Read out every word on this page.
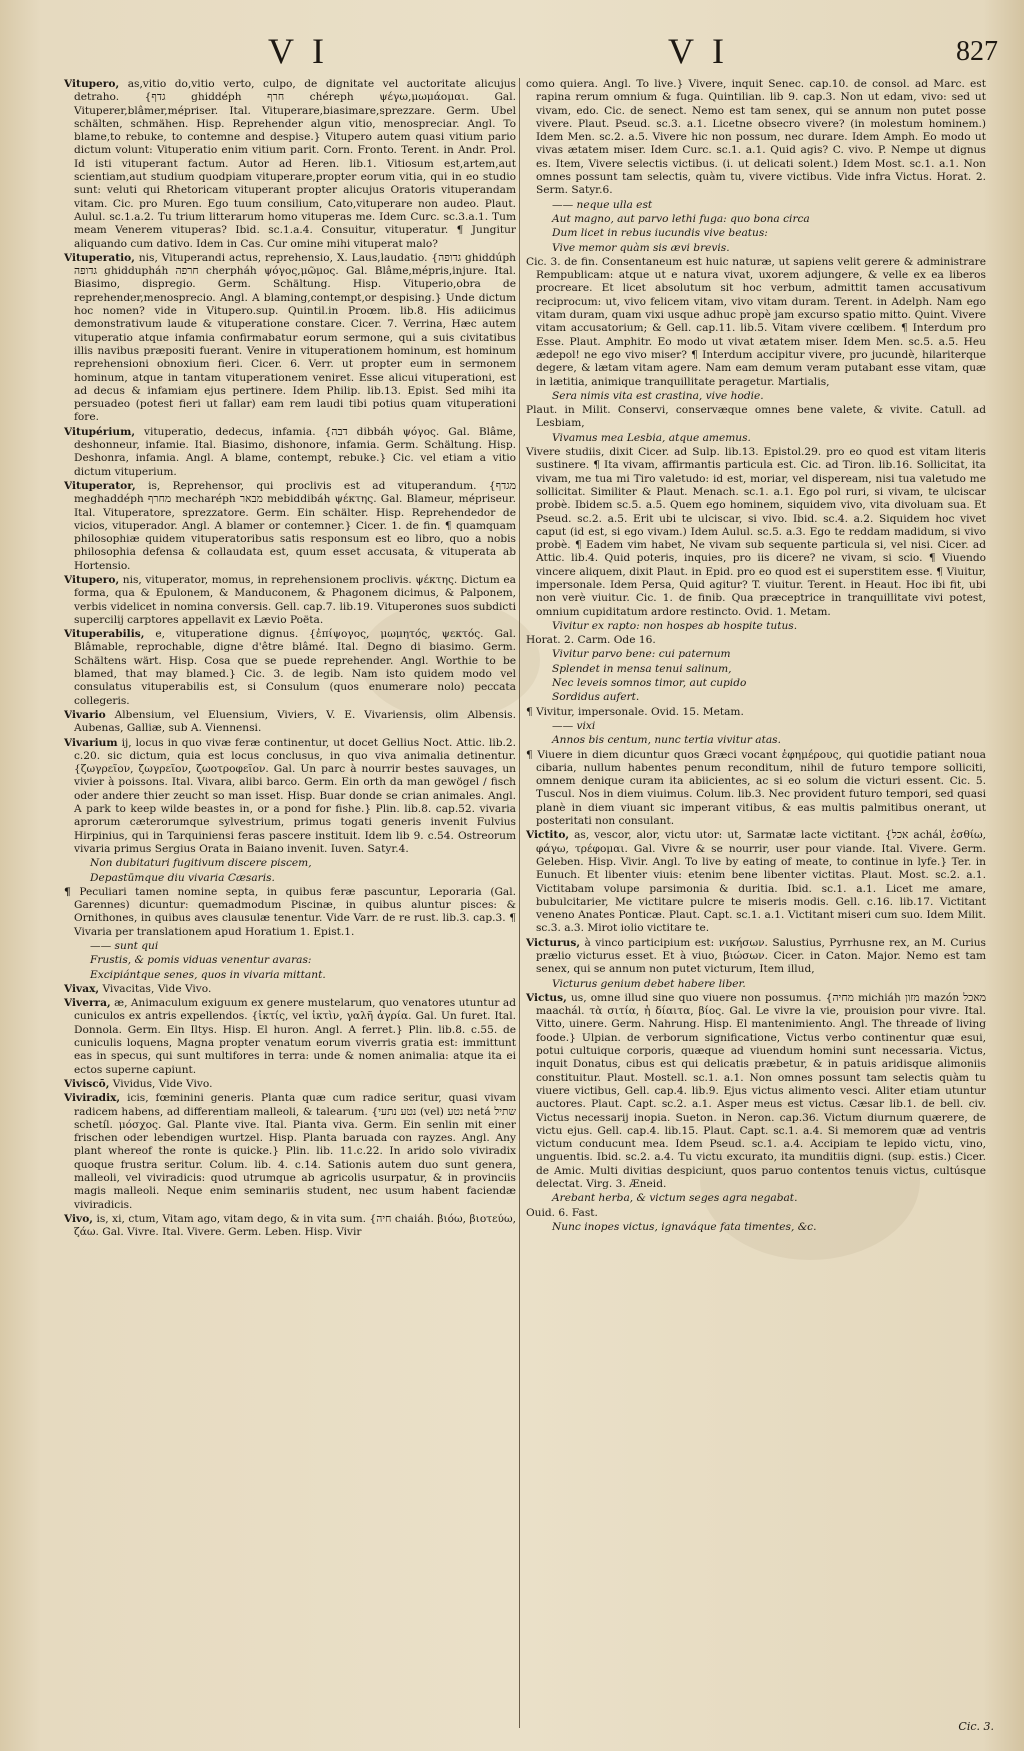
VI	VI	827
Vitupero, as,vitio do,vitio verto, culpo, de dignitate vel auctoritate alicujus detraho. {גדף ghiddéph חרף chéreph ψέγω,μωμάομαι. Gal. Vituperer,blâmer,mépriser. Ital. Vituperare,biasimare,sprezzare. Germ. Ubel schälten, schmähen. Hisp. Reprehender algun vitio, menospreciar. Angl. To blame,to rebuke, to contemne and despise.} Vitupero autem quasi vitium pario dictum volunt: Vituperatio enim vitium parit. Corn. Fronto. Terent. in Andr. Prol. Id isti vituperant factum. Autor ad Heren. lib.1. Vitiosum est,artem,aut scientiam,aut studium quodpiam vituperare,propter eorum vitia, qui in eo studio sunt: veluti qui Rhetoricam vituperant propter alicujus Oratoris vituperandam vitam. Cic. pro Muren. Ego tuum consilium, Cato,vituperare non audeo. Plaut. Aulul. sc.1.a.2. Tu trium litterarum homo vituperas me. Idem Curc. sc.3.a.1. Tum meam Venerem vituperas? Ibid. sc.1.a.4. Consuitur, vituperatur. ¶ Jungitur aliquando cum dativo. Idem in Cas. Cur omine mihi vituperat malo?
Vituperatio, nis, Vituperandi actus, reprehensio, X. Laus,laudatio. {גדופה ghiddúph גדופה ghiddupháh חרפה cherpháh ψόγος,μῶμος. Gal. Blâme,mépris,injure. Ital. Biasimo, dispregio. Germ. Schältung. Hisp. Vituperio,obra de reprehender,menosprecio. Angl. A blaming,contempt,or despising.} Unde dictum hoc nomen? vide in Vitupero.sup. Quintil.in Proœm. lib.8. His adiicimus demonstrativum laude & vituperatione constare. Cicer. 7. Verrina, Hæc autem vituperatio atque infamia confirmabatur eorum sermone, qui a suis civitatibus illis navibus præpositi fuerant. Venire in vituperationem hominum, est hominum reprehensioni obnoxium fieri. Cicer. 6. Verr. ut propter eum in sermonem hominum, atque in tantam vituperationem veniret. Esse alicui vituperationi, est ad decus & infamiam ejus pertinere. Idem Philip. lib.13. Epist. Sed mihi ita persuadeo (potest fieri ut fallar) eam rem laudi tibi potius quam vituperationi fore.
Vitupérium, vituperatio, dedecus, infamia. {דבה dibbáh ψόγος. Gal. Blâme, deshonneur, infamie. Ital. Biasimo, dishonore, infamia. Germ. Schältung. Hisp. Deshonra, infamia. Angl. A blame, contempt, rebuke.} Cic. vel etiam a vitio dictum vituperium.
Vituperator, is, Reprehensor, qui proclivis est ad vituperandum. {מגדף meghaddéph מחרף mecharéph מבאר mebiddibáh ψέκτης. Gal. Blameur, mépriseur. Ital. Vituperatore, sprezzatore. Germ. Ein schälter. Hisp. Reprehendedor de vicios, vituperador. Angl. A blamer or contemner.} Cicer. 1. de fin. ¶ quamquam philosophiæ quidem vituperatoribus satis responsum est eo libro, quo a nobis philosophia defensa & collaudata est, quum esset accusata, & vituperata ab Hortensio.
Vitupero, nis, vituperator, momus, in reprehensionem proclivis. ψέκτης. Dictum ea forma, qua & Epulonem, & Manduconem, & Phagonem dicimus, & Palponem, verbis videlicet in nomina conversis. Gell. cap.7. lib.19. Vituperones suos subdicti supercilij carptores appellavit ex Lævio Poëta.
Vituperabilis, e, vituperatione dignus. {ἐπίψογος, μωμητός, ψεκτός. Gal. Blâmable, reprochable, digne d'être blâmé. Ital. Degno di biasimo. Germ. Schältens wärt. Hisp. Cosa que se puede reprehender. Angl. Worthie to be blamed, that may blamed.} Cic. 3. de legib. Nam isto quidem modo vel consulatus vituperabilis est, si Consulum (quos enumerare nolo) peccata collegeris.
Vivario Albensium, vel Eluensium, Viviers, V. E. Vivariensis, olim Albensis. Aubenas, Galliæ, sub A. Viennensi.
Vivarium ij, locus in quo vivæ feræ continentur, ut docet Gellius Noct. Attic. lib.2. c.20. sic dictum, quia est locus conclusus, in quo viva animalia detinentur. {ζωγρεῖον, ζωγρεῖον, ζωοτροφεῖον. Gal. Un parc à nourrir bestes sauvages, un vivier à poissons. Ital. Vivara, alibi barco. Germ. Ein orth da man gewögel / fisch oder andere thier zeucht so man isset. Hisp. Buar donde se crian animales. Angl. A park to keep wilde beastes in, or a pond for fishe.} Plin. lib.8. cap.52. vivaria aprorum cæterorumque sylvestrium, primus togati generis invenit Fulvius Hirpinius, qui in Tarquiniensi feras pascere instituit. Idem lib 9. c.54. Ostreorum vivaria primus Sergius Orata in Baiano invenit. Iuven. Satyr.4.
Non dubitaturi fugitivum discere piscem,
Depastūmque diu vivaria Cæsaris.
¶ Peculiari tamen nomine septa, in quibus feræ pascuntur, Leporaria (Gal. Garennes) dicuntur: quemadmodum Piscinæ, in quibus aluntur pisces: & Ornithones, in quibus aves clausulæ tenentur. Vide Varr. de re rust. lib.3. cap.3. ¶ Vivaria per translationem apud Horatium 1. Epist.1.
—— sunt qui
Frustis, & pomis viduas venentur avaras:
Excipiántque senes, quos in vivaria mittant.
Vivax, Vivacitas, Vide Vivo.
Viverra, æ, Animaculum exiguum ex genere mustelarum, quo venatores utuntur ad cuniculos ex antris expellendos. {ἰκτίς, vel ἰκτὶν, γαλῆ ἀγρία. Gal. Un furet. Ital. Donnola. Germ. Ein Iltys. Hisp. El huron. Angl. A ferret.} Plin. lib.8. c.55. de cuniculis loquens, Magna propter venatum eorum viverris gratia est: immittunt eas in specus, qui sunt multifores in terra: unde & nomen animalia: atque ita ei ectos superne capiunt.
Viviscō, Vividus, Vide Vivo.
Viviradix, icis, fœminini generis. Planta quæ cum radice seritur, quasi vivam radicem habens, ad differentiam malleoli, & talearum. {נטע נתעי (vel) נטע netá שתיל schetíl. μόσχος. Gal. Plante vive. Ital. Pianta viva. Germ. Ein senlin mit einer frischen oder lebendigen wurtzel. Hisp. Planta baruada con rayzes. Angl. Any plant whereof the ronte is quicke.} Plin. lib. 11.c.22. In arido solo viviradix quoque frustra seritur. Colum. lib. 4. c.14. Sationis autem duo sunt genera, malleoli, vel viviradicis: quod utrumque ab agricolis usurpatur, & in provinciis magis malleoli. Neque enim seminariis student, nec usum habent faciendæ viviradicis.
Vivo, is, xi, ctum, Vitam ago, vitam dego, & in vita sum. {חיה chaiáh. βιόω, βιοτεύω, ζάω. Gal. Vivre. Ital. Vivere. Germ. Leben. Hisp. Vivir
como quiera. Angl. To live.} Vivere, inquit Senec. cap.10. de consol. ad Marc. est rapina rerum omnium & fuga. Quintilian. lib 9. cap.3. Non ut edam, vivo: sed ut vivam, edo. Cic. de senect. Nemo est tam senex, qui se annum non putet posse vivere. Plaut. Pseud. sc.3. a.1. Licetne obsecro vivere? (in molestum hominem.) Idem Men. sc.2. a.5. Vivere hic non possum, nec durare. Idem Amph. Eo modo ut vivas ætatem miser. Idem Curc. sc.1. a.1. Quid agis? C. vivo. P. Nempe ut dignus es. Item, Vivere selectis victibus. (i. ut delicati solent.) Idem Most. sc.1. a.1. Non omnes possunt tam selectis, quàm tu, vivere victibus. Vide infra Victus. Horat. 2. Serm. Satyr.6.
—— neque ulla est
Aut magno, aut parvo lethi fuga: quo bona circa
Dum licet in rebus iucundis vive beatus:
Vive memor quàm sis ævi brevis.
Cic. 3. de fin. Consentaneum est huic naturæ, ut sapiens velit gerere & administrare Rempublicam: atque ut e natura vivat, uxorem adjungere, & velle ex ea liberos procreare. Et licet absolutum sit hoc verbum, admittit tamen accusativum reciprocum: ut, vivo felicem vitam, vivo vitam duram. Terent. in Adelph. Nam ego vitam duram, quam vixi usque adhuc propè jam excurso spatio mitto. Quint. Vivere vitam accusatorium; & Gell. cap.11. lib.5. Vitam vivere cœlibem. ¶ Interdum pro Esse. Plaut. Amphitr. Eo modo ut vivat ætatem miser. Idem Men. sc.5. a.5. Heu ædepol! ne ego vivo miser? ¶ Interdum accipitur vivere, pro jucundè, hilariterque degere, & lætam vitam agere. Nam eam demum veram putabant esse vitam, quæ in lætitia, animique tranquillitate peragetur. Martialis,
Sera nimis vita est crastina, vive hodie.
Plaut. in Milit. Conservi, conservæque omnes bene valete, & vivite. Catull. ad Lesbiam,
Vivamus mea Lesbia, atque amemus.
Vivere studiis, dixit Cicer. ad Sulp. lib.13. Epistol.29. pro eo quod est vitam literis sustinere. ¶ Ita vivam, affirmantis particula est. Cic. ad Tiron. lib.16. Sollicitat, ita vivam, me tua mi Tiro valetudo: id est, moriar, vel dispeream, nisi tua valetudo me sollicitat. Similiter & Plaut. Menach. sc.1. a.1. Ego pol ruri, si vivam, te ulciscar probè. Ibidem sc.5. a.5. Quem ego hominem, siquidem vivo, vita divoluam sua. Et Pseud. sc.2. a.5. Erit ubi te ulciscar, si vivo. Ibid. sc.4. a.2. Siquidem hoc vivet caput (id est, si ego vivam.) Idem Aulul. sc.5. a.3. Ego te reddam madidum, si vivo probè. ¶ Eadem vim habet, Ne vivam sub sequente particula si, vel nisi. Cicer. ad Attic. lib.4. Quid poteris, inquies, pro iis dicere? ne vivam, si scio. ¶ Viuendo vincere aliquem, dixit Plaut. in Epid. pro eo quod est ei superstitem esse. ¶ Viuitur, impersonale. Idem Persa, Quid agitur? T. viuitur. Terent. in Heaut. Hoc ibi fit, ubi non verè viuitur. Cic. 1. de finib. Qua præceptrice in tranquillitate vivi potest, omnium cupiditatum ardore restincto. Ovid. 1. Metam.
Vivitur ex rapto: non hospes ab hospite tutus.
Horat. 2. Carm. Ode 16.
Vivitur parvo bene: cui paternum
Splendet in mensa tenui salinum,
Nec leveis somnos timor, aut cupido
Sordidus aufert.
¶ Vivitur, impersonale. Ovid. 15. Metam.
—— vixi
Annos bis centum, nunc tertia vivitur atas.
¶ Viuere in diem dicuntur quos Græci vocant ἐφημέρους, qui quotidie patiant noua cibaria, nullum habentes penum reconditum, nihil de futuro tempore solliciti, omnem denique curam ita abiicientes, ac si eo solum die victuri essent. Cic. 5. Tuscul. Nos in diem viuimus. Colum. lib.3. Nec provident futuro tempori, sed quasi planè in diem viuant sic imperant vitibus, & eas multis palmitibus onerant, ut posteritati non consulant.
Victito, as, vescor, alor, victu utor: ut, Sarmatæ lacte victitant. {אכל achál, ἐσθίω, φάγω, τρέφομαι. Gal. Vivre & se nourrir, user pour viande. Ital. Vivere. Germ. Geleben. Hisp. Vivir. Angl. To live by eating of meate, to continue in lyfe.} Ter. in Eunuch. Et libenter viuis: etenim bene libenter victitas. Plaut. Most. sc.2. a.1. Victitabam volupe parsimonia & duritia. Ibid. sc.1. a.1. Licet me amare, bubulcitarier, Me victitare pulcre te miseris modis. Gell. c.16. lib.17. Victitant veneno Anates Ponticæ. Plaut. Capt. sc.1. a.1. Victitant miseri cum suo. Idem Milit. sc.3. a.3. Mirot iolio victitare te.
Victurus, à vinco participium est: νικήσων. Salustius, Pyrrhusne rex, an M. Curius prælio victurus esset. Et à viuo, βιώσων. Cicer. in Caton. Major. Nemo est tam senex, qui se annum non putet victurum, Item illud,
Victurus genium debet habere liber.
Victus, us, omne illud sine quo viuere non possumus. {מחיה michiáh מזון mazón מאכל maachál. τὰ σιτία, ἡ δίαιτα, βίος. Gal. Le vivre la vie, prouision pour vivre. Ital. Vitto, uinere. Germ. Nahrung. Hisp. El mantenimiento. Angl. The threade of living foode.} Ulpian. de verborum significatione, Victus verbo continentur quæ esui, potui cultuique corporis, quæque ad viuendum homini sunt necessaria. Victus, inquit Donatus, cibus est qui delicatis præbetur, & in patuis aridisque alimoniis constituitur. Plaut. Mostell. sc.1. a.1. Non omnes possunt tam selectis quàm tu viuere victibus, Gell. cap.4. lib.9. Ejus victus alimento vesci. Aliter etiam utuntur auctores. Plaut. Capt. sc.2. a.1. Asper meus est victus. Cæsar lib.1. de bell. civ. Victus necessarij inopia. Sueton. in Neron. cap.36. Victum diurnum quærere, de victu ejus. Gell. cap.4. lib.15. Plaut. Capt. sc.1. a.4. Si memorem quæ ad ventris victum conducunt mea. Idem Pseud. sc.1. a.4. Accipiam te lepido victu, vino, unguentis. Ibid. sc.2. a.4. Tu victu excurato, ita munditiis digni. (sup. estis.) Cicer. de Amic. Multi divitias despiciunt, quos paruo contentos tenuis victus, cultúsque delectat. Virg. 3. Æneid.
Arebant herba, & victum seges agra negabat.
Ouid. 6. Fast.
Nunc inopes victus, ignaváque fata timentes, &c.
Cic. 3.
